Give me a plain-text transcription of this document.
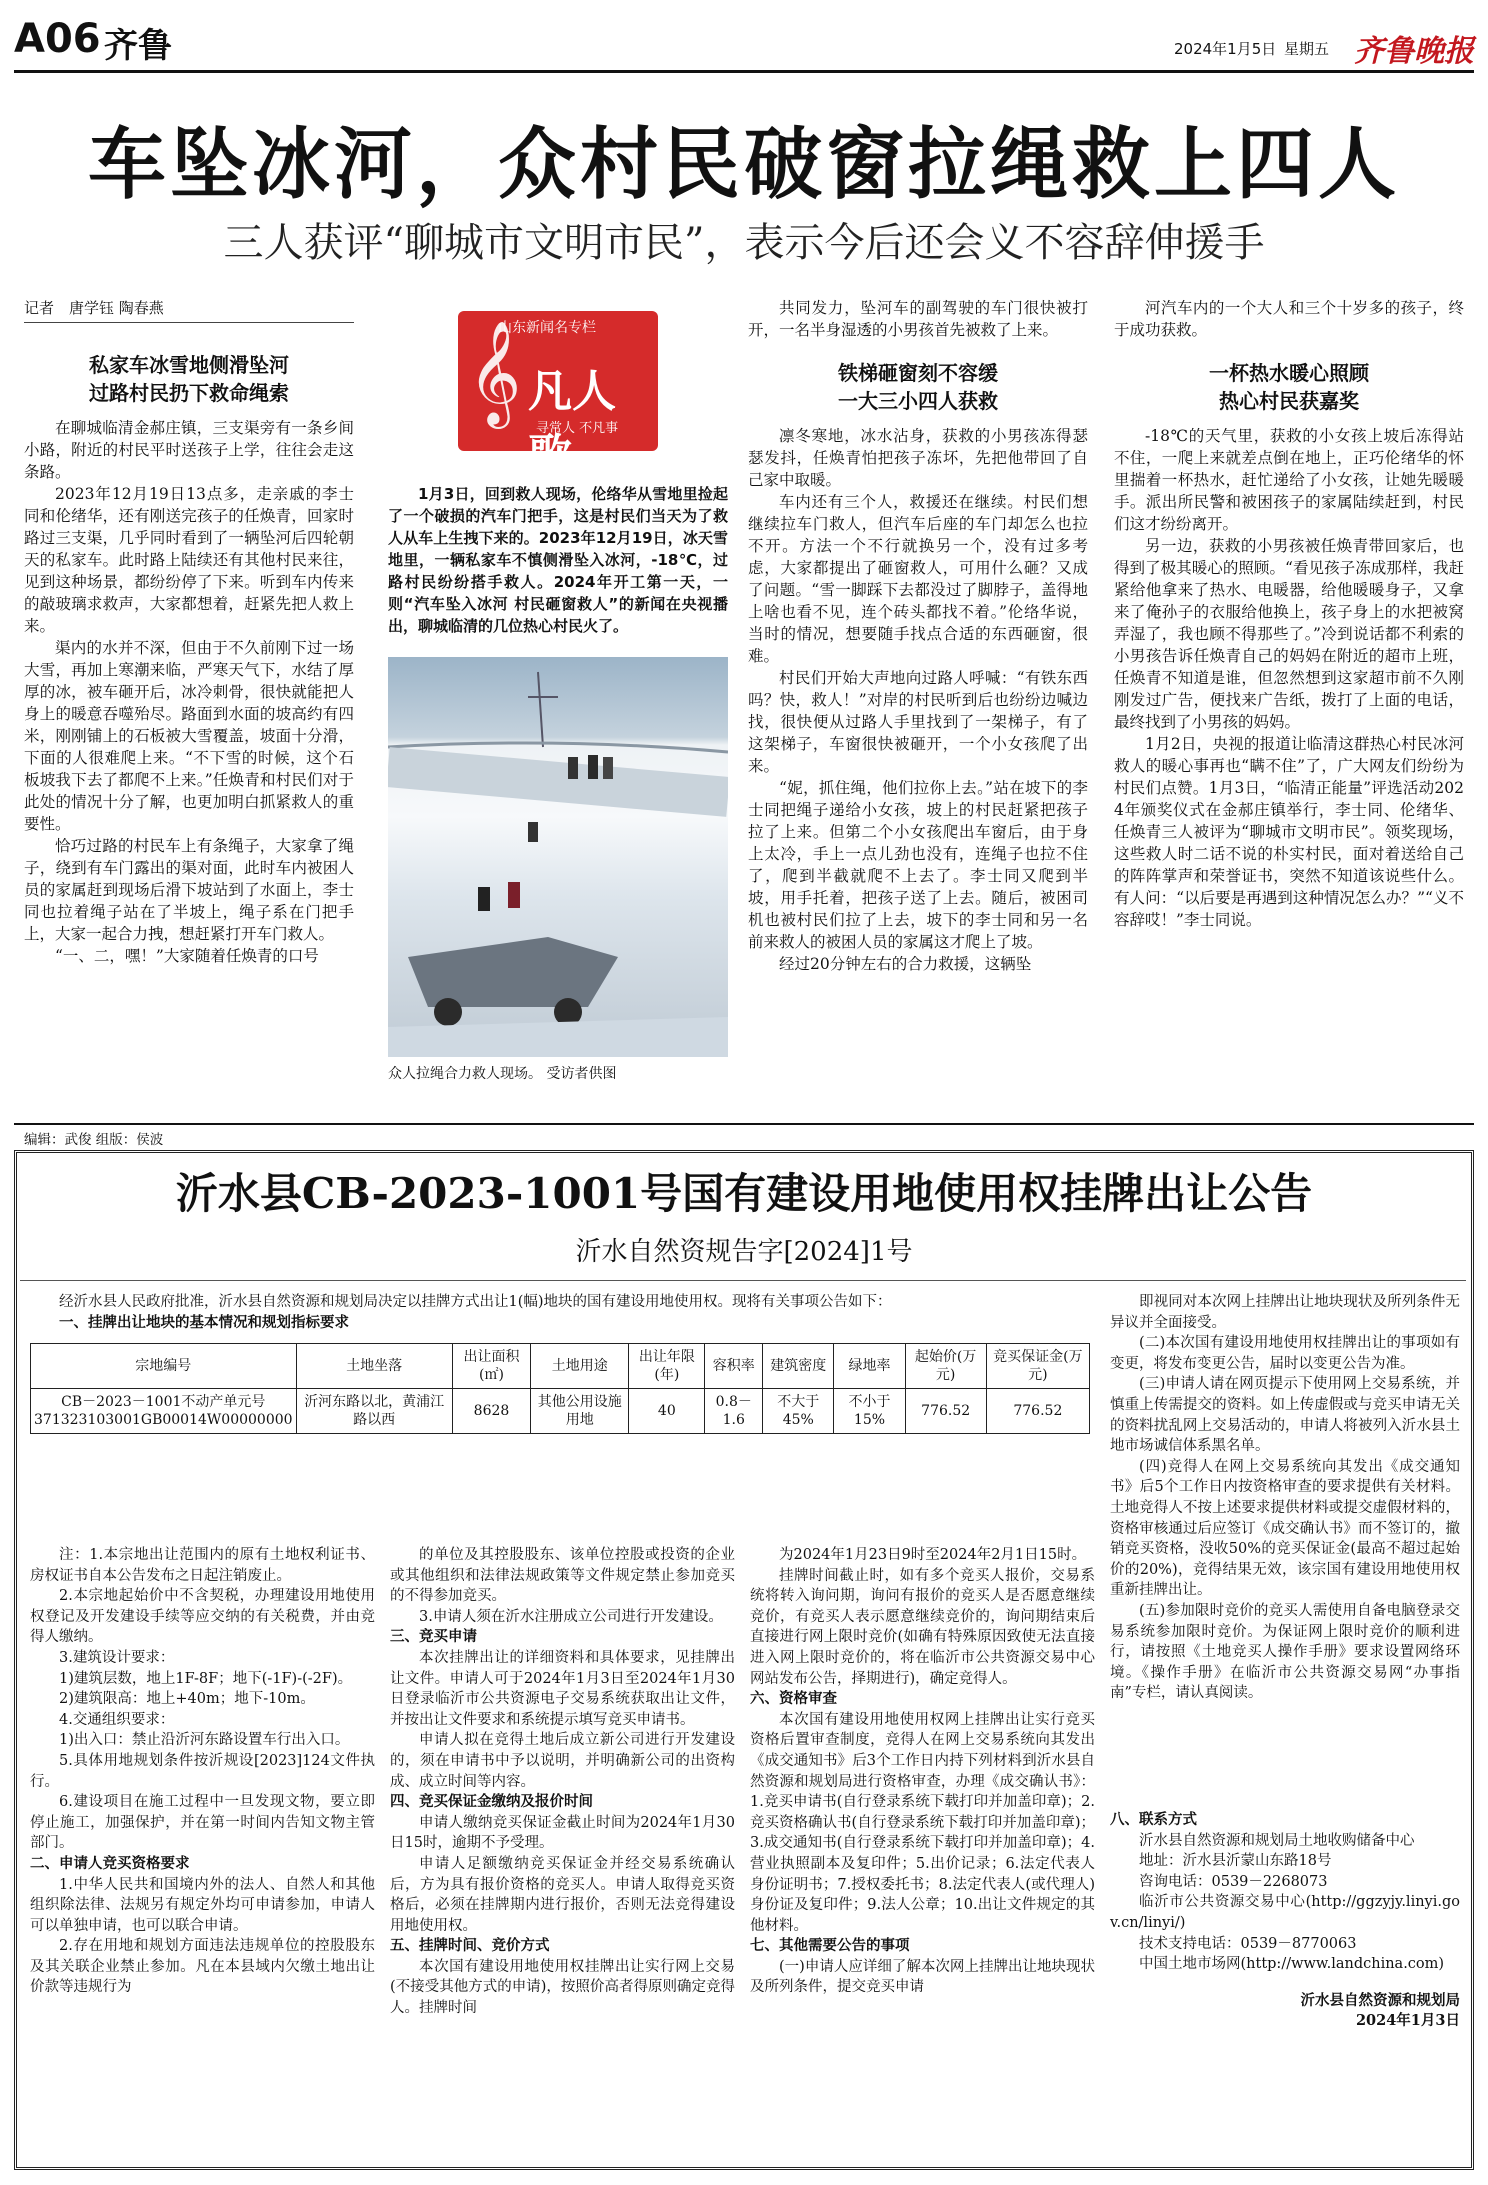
A06 齐鲁	2024年1月5日 星期五 齐鲁晚报
车坠冰河，众村民破窗拉绳救上四人
三人获评“聊城市文明市民”，表示今后还会义不容辞伸援手
记者　 唐学钰 陶春燕
私家车冰雪地侧滑坠河
过路村民扔下救命绳索

在聊城临清金郝庄镇，三支渠旁有一条乡间小路，附近的村民平时送孩子上学，往往会走这条路。

2023年12月19日13点多，走亲戚的李士同和伦绪华，还有刚送完孩子的任焕青，回家时路过三支渠，几乎同时看到了一辆坠河后四轮朝天的私家车。此时路上陆续还有其他村民来往，见到这种场景，都纷纷停了下来。听到车内传来的敲玻璃求救声，大家都想着，赶紧先把人救上来。

渠内的水并不深，但由于不久前刚下过一场大雪，再加上寒潮来临，严寒天气下，水结了厚厚的冰，被车砸开后，冰冷刺骨，很快就能把人身上的暖意吞噬殆尽。路面到水面的坡高约有四米，刚刚铺上的石板被大雪覆盖，坡面十分滑，下面的人很难爬上来。“不下雪的时候，这个石板坡我下去了都爬不上来。”任焕青和村民们对于此处的情况十分了解，也更加明白抓紧救人的重要性。

恰巧过路的村民车上有条绳子，大家拿了绳子，绕到有车门露出的渠对面，此时车内被困人员的家属赶到现场后滑下坡站到了水面上，李士同也拉着绳子站在了半坡上，绳子系在门把手上，大家一起合力拽，想赶紧打开车门救人。

“一、二，嘿！”大家随着任焕青的口号

山东新闻名专栏
𝄞 凡人歌
寻常人 不凡事

1月3日，回到救人现场，伦络华从雪地里捡起了一个破损的汽车门把手，这是村民们当天为了救人从车上生拽下来的。2023年12月19日，冰天雪地里，一辆私家车不慎侧滑坠入冰河，-18℃，过路村民纷纷搭手救人。2024年开工第一天，一则“汽车坠入冰河 村民砸窗救人”的新闻在央视播出，聊城临清的几位热心村民火了。

众人拉绳合力救人现场。 受访者供图

共同发力，坠河车的副驾驶的车门很快被打开，一名半身湿透的小男孩首先被救了上来。

铁梯砸窗刻不容缓
一大三小四人获救

凛冬寒地，冰水沾身，获救的小男孩冻得瑟瑟发抖，任焕青怕把孩子冻坏，先把他带回了自己家中取暖。

车内还有三个人，救援还在继续。村民们想继续拉车门救人，但汽车后座的车门却怎么也拉不开。方法一个不行就换另一个，没有过多考虑，大家都提出了砸窗救人，可用什么砸？又成了问题。“雪一脚踩下去都没过了脚脖子，盖得地上啥也看不见，连个砖头都找不着。”伦络华说，当时的情况，想要随手找点合适的东西砸窗，很难。

村民们开始大声地向过路人呼喊：“有铁东西吗？快，救人！”对岸的村民听到后也纷纷边喊边找，很快便从过路人手里找到了一架梯子，有了这架梯子，车窗很快被砸开，一个小女孩爬了出来。

“妮，抓住绳，他们拉你上去。”站在坡下的李士同把绳子递给小女孩，坡上的村民赶紧把孩子拉了上来。但第二个小女孩爬出车窗后，由于身上太冷，手上一点儿劲也没有，连绳子也拉不住了，爬到半截就爬不上去了。李士同又爬到半坡，用手托着，把孩子送了上去。随后，被困司机也被村民们拉了上去，坡下的李士同和另一名前来救人的被困人员的家属这才爬上了坡。

经过20分钟左右的合力救援，这辆坠

河汽车内的一个大人和三个十岁多的孩子，终于成功获救。

一杯热水暖心照顾
热心村民获嘉奖

-18℃的天气里，获救的小女孩上坡后冻得站不住，一爬上来就差点倒在地上，正巧伦绪华的怀里揣着一杯热水，赶忙递给了小女孩，让她先暖暖手。派出所民警和被困孩子的家属陆续赶到，村民们这才纷纷离开。

另一边，获救的小男孩被任焕青带回家后，也得到了极其暖心的照顾。“看见孩子冻成那样，我赶紧给他拿来了热水、电暖器，给他暖暖身子，又拿来了俺孙子的衣服给他换上，孩子身上的水把被窝弄湿了，我也顾不得那些了。”冷到说话都不利索的小男孩告诉任焕青自己的妈妈在附近的超市上班，任焕青不知道是谁，但忽然想到这家超市前不久刚刚发过广告，便找来广告纸，拨打了上面的电话，最终找到了小男孩的妈妈。

1月2日，央视的报道让临清这群热心村民冰河救人的暖心事再也“瞒不住”了，广大网友们纷纷为村民们点赞。1月3日，“临清正能量”评选活动2024年颁奖仪式在金郝庄镇举行，李士同、伦绪华、任焕青三人被评为“聊城市文明市民”。领奖现场，这些救人时二话不说的朴实村民，面对着送给自己的阵阵掌声和荣誉证书，突然不知道该说些什么。有人问：“以后要是再遇到这种情况怎么办？”“义不容辞哎！”李士同说。

编辑：武俊 组版：侯波
沂水县CB-2023-1001号国有建设用地使用权挂牌出让公告
沂水自然资规告字[2024]1号

经沂水县人民政府批准，沂水县自然资源和规划局决定以挂牌方式出让1(幅)地块的国有建设用地使用权。现将有关事项公告如下：

一、挂牌出让地块的基本情况和规划指标要求
宗地编号	土地坐落	出让面积(㎡)	土地用途	出让年限(年)	容积率	建筑密度	绿地率	起始价(万元)	竞买保证金(万元)
CB－2023－1001不动产单元号371323103001GB00014W00000000	沂河东路以北，黄浦江路以西	8628	其他公用设施用地	40	0.8－1.6	不大于45%	不小于15%	776.52	776.52

即视同对本次网上挂牌出让地块现状及所列条件无异议并全面接受。

(二)本次国有建设用地使用权挂牌出让的事项如有变更，将发布变更公告，届时以变更公告为准。

(三)申请人请在网页提示下使用网上交易系统，并慎重上传需提交的资料。如上传虚假或与竞买申请无关的资料扰乱网上交易活动的，申请人将被列入沂水县土地市场诚信体系黑名单。

(四)竞得人在网上交易系统向其发出《成交通知书》后5个工作日内按资格审查的要求提供有关材料。土地竞得人不按上述要求提供材料或提交虚假材料的，资格审核通过后应签订《成交确认书》而不签订的，撤销竞买资格，没收50%的竞买保证金(最高不超过起始价的20%)，竞得结果无效，该宗国有建设用地使用权重新挂牌出让。

(五)参加限时竞价的竞买人需使用自备电脑登录交易系统参加限时竞价。为保证网上限时竞价的顺利进行，请按照《土地竞买人操作手册》要求设置网络环境。《操作手册》在临沂市公共资源交易网“办事指南”专栏，请认真阅读。

注：1.本宗地出让范围内的原有土地权利证书、房权证书自本公告发布之日起注销废止。

2.本宗地起始价中不含契税，办理建设用地使用权登记及开发建设手续等应交纳的有关税费，并由竞得人缴纳。

3.建筑设计要求：

1)建筑层数，地上1F-8F；地下(-1F)-(-2F)。

2)建筑限高：地上+40m；地下-10m。

4.交通组织要求：

1)出入口：禁止沿沂河东路设置车行出入口。

5.具体用地规划条件按沂规设[2023]124文件执行。

6.建设项目在施工过程中一旦发现文物，要立即停止施工，加强保护，并在第一时间内告知文物主管部门。

二、申请人竞买资格要求

1.中华人民共和国境内外的法人、自然人和其他组织除法律、法规另有规定外均可申请参加，申请人可以单独申请，也可以联合申请。

2.存在用地和规划方面违法违规单位的控股股东及其关联企业禁止参加。凡在本县域内欠缴土地出让价款等违规行为

的单位及其控股股东、该单位控股或投资的企业或其他组织和法律法规政策等文件规定禁止参加竞买的不得参加竞买。

3.申请人须在沂水注册成立公司进行开发建设。

三、竞买申请

本次挂牌出让的详细资料和具体要求，见挂牌出让文件。申请人可于2024年1月3日至2024年1月30日登录临沂市公共资源电子交易系统获取出让文件，并按出让文件要求和系统提示填写竞买申请书。

申请人拟在竞得土地后成立新公司进行开发建设的，须在申请书中予以说明，并明确新公司的出资构成、成立时间等内容。

四、竞买保证金缴纳及报价时间

申请人缴纳竞买保证金截止时间为2024年1月30日15时，逾期不予受理。

申请人足额缴纳竞买保证金并经交易系统确认后，方为具有报价资格的竞买人。申请人取得竞买资格后，必须在挂牌期内进行报价，否则无法竞得建设用地使用权。

五、挂牌时间、竞价方式

本次国有建设用地使用权挂牌出让实行网上交易(不接受其他方式的申请)，按照价高者得原则确定竞得人。挂牌时间

为2024年1月23日9时至2024年2月1日15时。

挂牌时间截止时，如有多个竞买人报价，交易系统将转入询问期，询问有报价的竞买人是否愿意继续竞价，有竞买人表示愿意继续竞价的，询问期结束后直接进行网上限时竞价(如确有特殊原因致使无法直接进入网上限时竞价的，将在临沂市公共资源交易中心网站发布公告，择期进行)，确定竞得人。

六、资格审查

本次国有建设用地使用权网上挂牌出让实行竞买资格后置审查制度，竞得人在网上交易系统向其发出《成交通知书》后3个工作日内持下列材料到沂水县自然资源和规划局进行资格审查，办理《成交确认书》：1.竞买申请书(自行登录系统下载打印并加盖印章)；2.竞买资格确认书(自行登录系统下载打印并加盖印章)；3.成交通知书(自行登录系统下载打印并加盖印章)；4.营业执照副本及复印件；5.出价记录；6.法定代表人身份证明书；7.授权委托书；8.法定代表人(或代理人)身份证及复印件；9.法人公章；10.出让文件规定的其他材料。

七、其他需要公告的事项

(一)申请人应详细了解本次网上挂牌出让地块现状及所列条件，提交竞买申请

八、联系方式

沂水县自然资源和规划局土地收购储备中心

地址：沂水县沂蒙山东路18号

咨询电话：0539－2268073

临沂市公共资源交易中心(http://ggzyjy.linyi.gov.cn/linyi/)

技术支持电话：0539－8770063

中国土地市场网(http://www.landchina.com)

沂水县自然资源和规划局
2024年1月3日
